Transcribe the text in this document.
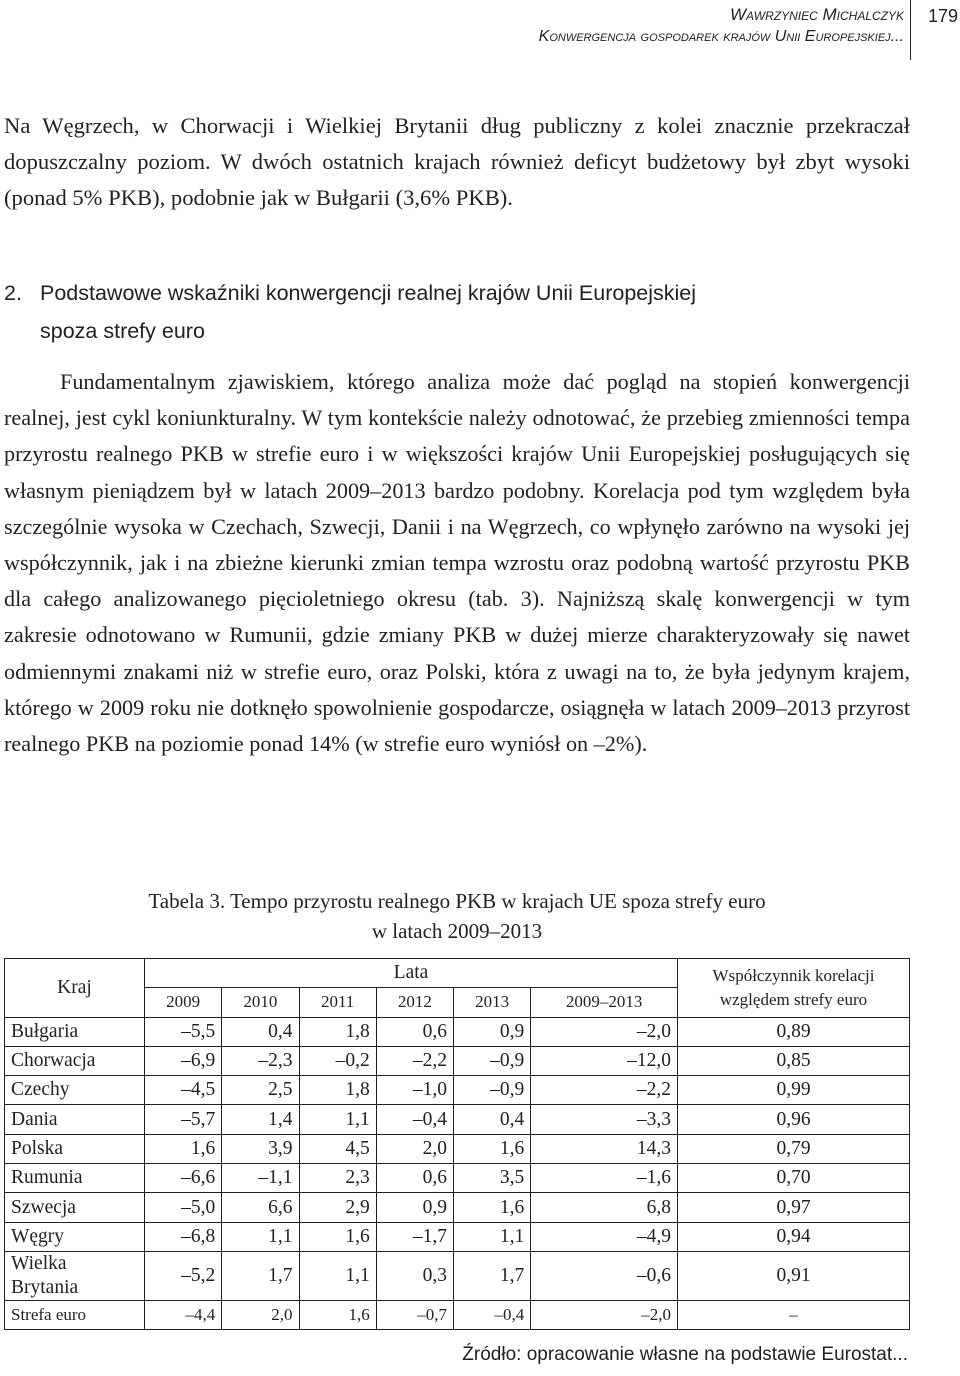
Wawrzyniec Michalczyk
Konwergencja gospodarek krajów Unii Europejskiej...
179

Na Węgrzech, w Chorwacji i Wielkiej Brytanii dług publiczny z kolei znacznie przekraczał dopuszczalny poziom. W dwóch ostatnich krajach również deficyt budżetowy był zbyt wysoki (ponad 5% PKB), podobnie jak w Bułgarii (3,6% PKB).

2. Podstawowe wskaźniki konwergencji realnej krajów Unii Europejskiej
spoza strefy euro

Fundamentalnym zjawiskiem, którego analiza może dać pogląd na stopień konwergencji realnej, jest cykl koniunkturalny. W tym kontekście należy odnotować, że przebieg zmienności tempa przyrostu realnego PKB w strefie euro i w większości krajów Unii Europejskiej posługujących się własnym pieniądzem był w latach 2009–2013 bardzo podobny. Korelacja pod tym względem była szczególnie wysoka w Czechach, Szwecji, Danii i na Węgrzech, co wpłynęło zarówno na wysoki jej współczynnik, jak i na zbieżne kierunki zmian tempa wzrostu oraz podobną wartość przyrostu PKB dla całego analizowanego pięcioletniego okresu (tab. 3). Najniższą skalę konwergencji w tym zakresie odnotowano w Rumunii, gdzie zmiany PKB w dużej mierze charakteryzowały się nawet odmiennymi znakami niż w strefie euro, oraz Polski, która z uwagi na to, że była jedynym krajem, którego w 2009 roku nie dotknęło spowolnienie gospodarcze, osiągnęła w latach 2009–2013 przyrost realnego PKB na poziomie ponad 14% (w strefie euro wyniósł on –2%).

Tabela 3. Tempo przyrostu realnego PKB w krajach UE spoza strefy euro
w latach 2009–2013
Kraj	Lata						Współczynnik korelacji względem strefy euro
	2009	2010	2011	2012	2013	2009–2013	
Bułgaria	–5,5	0,4	1,8	0,6	0,9	–2,0	0,89
Chorwacja	–6,9	–2,3	–0,2	–2,2	–0,9	–12,0	0,85
Czechy	–4,5	2,5	1,8	–1,0	–0,9	–2,2	0,99
Dania	–5,7	1,4	1,1	–0,4	0,4	–3,3	0,96
Polska	1,6	3,9	4,5	2,0	1,6	14,3	0,79
Rumunia	–6,6	–1,1	2,3	0,6	3,5	–1,6	0,70
Szwecja	–5,0	6,6	2,9	0,9	1,6	6,8	0,97
Węgry	–6,8	1,1	1,6	–1,7	1,1	–4,9	0,94
Wielka Brytania	–5,2	1,7	1,1	0,3	1,7	–0,6	0,91
Strefa euro	–4,4	2,0	1,6	–0,7	–0,4	–2,0	–
Źródło: opracowanie własne na podstawie Eurostat...
